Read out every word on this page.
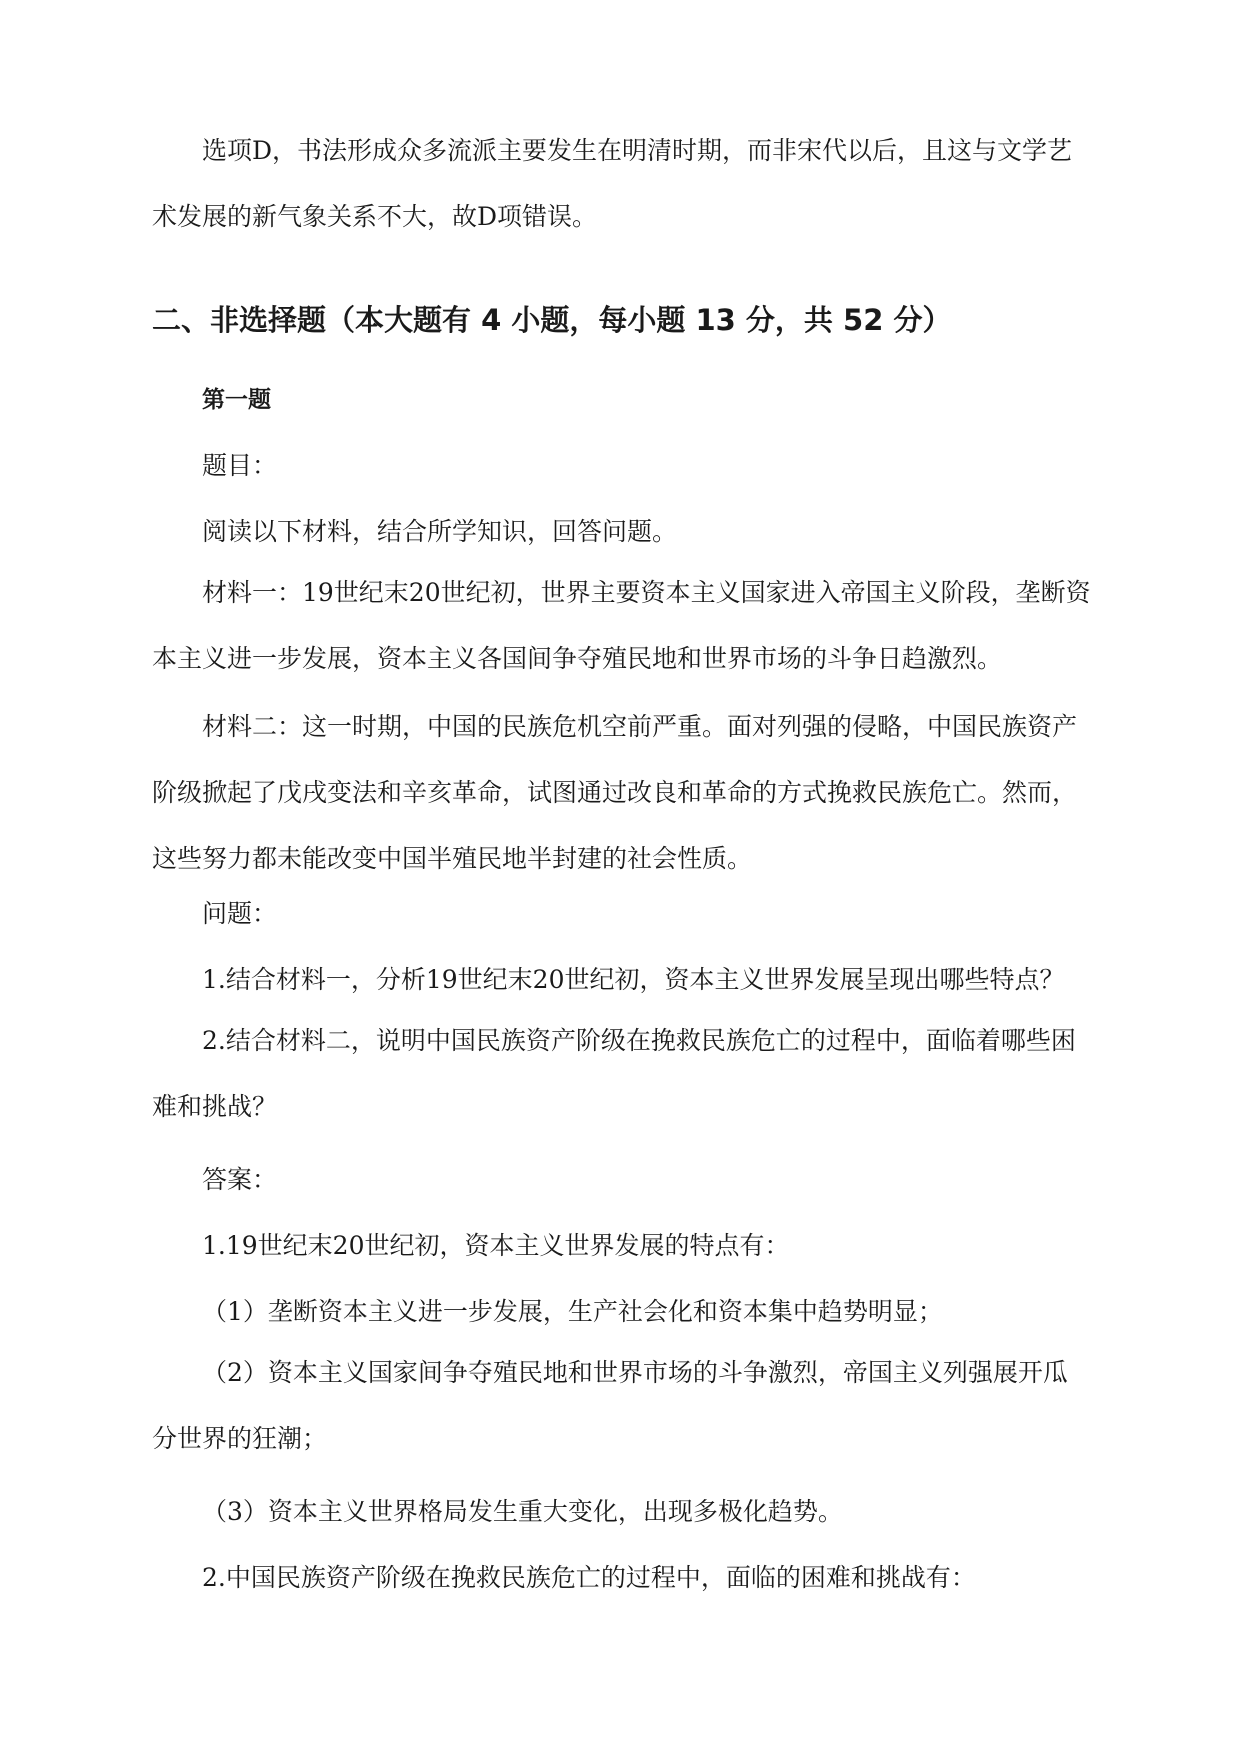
选项D，书法形成众多流派主要发生在明清时期，而非宋代以后，且这与文学艺术发展的新气象关系不大，故D项错误。

二、非选择题（本大题有 4 小题，每小题 13 分，共 52 分）
第一题

题目：

阅读以下材料，结合所学知识，回答问题。

材料一：19世纪末20世纪初，世界主要资本主义国家进入帝国主义阶段，垄断资本主义进一步发展，资本主义各国间争夺殖民地和世界市场的斗争日趋激烈。

材料二：这一时期，中国的民族危机空前严重。面对列强的侵略，中国民族资产阶级掀起了戊戌变法和辛亥革命，试图通过改良和革命的方式挽救民族危亡。然而，这些努力都未能改变中国半殖民地半封建的社会性质。

问题：

1.结合材料一，分析19世纪末20世纪初，资本主义世界发展呈现出哪些特点？

2.结合材料二，说明中国民族资产阶级在挽救民族危亡的过程中，面临着哪些困难和挑战？

答案：

1.19世纪末20世纪初，资本主义世界发展的特点有：

（1）垄断资本主义进一步发展，生产社会化和资本集中趋势明显；

（2）资本主义国家间争夺殖民地和世界市场的斗争激烈，帝国主义列强展开瓜分世界的狂潮；

（3）资本主义世界格局发生重大变化，出现多极化趋势。

2.中国民族资产阶级在挽救民族危亡的过程中，面临的困难和挑战有：
